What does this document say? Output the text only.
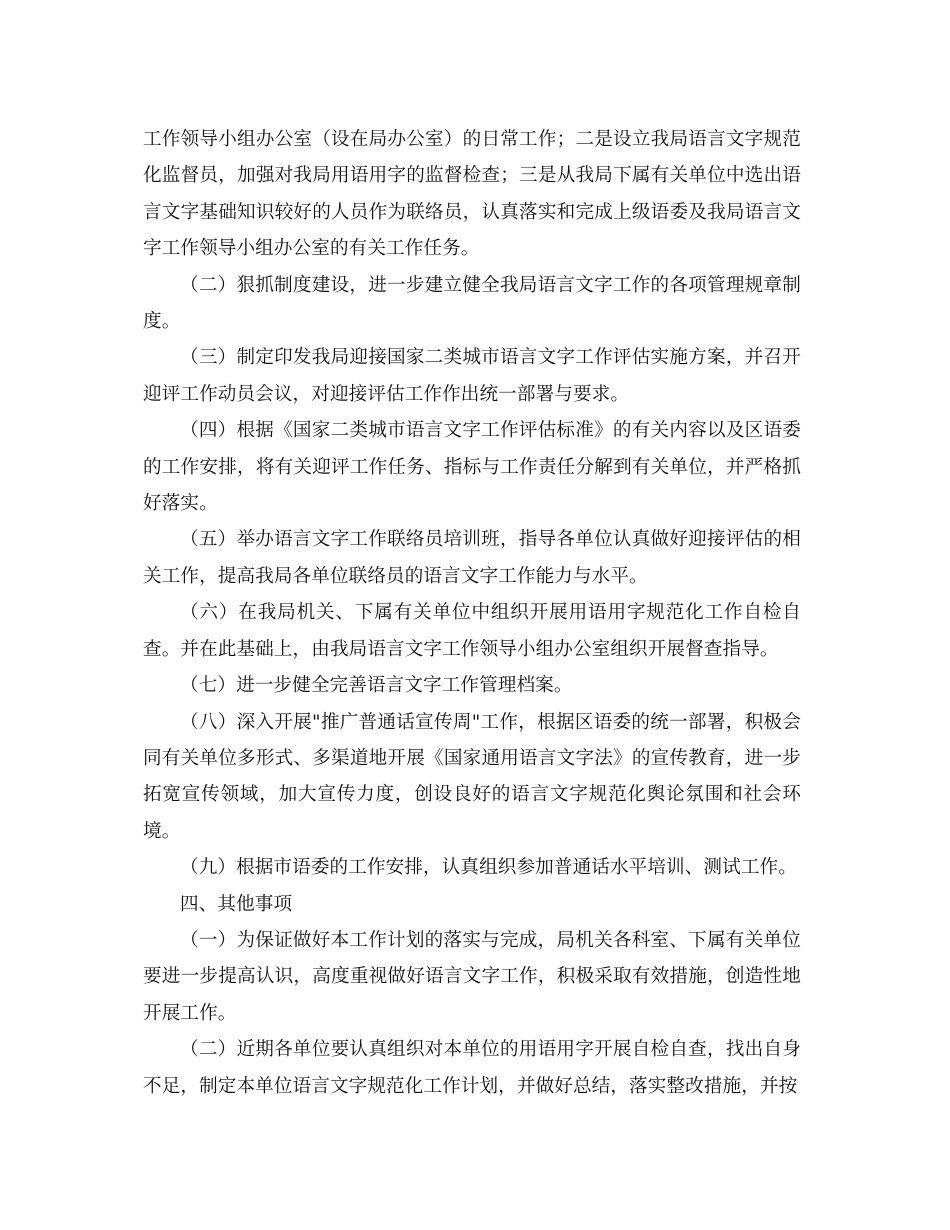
工作领导小组办公室（设在局办公室）的日常工作；二是设立我局语言文字规范化监督员，加强对我局用语用字的监督检查；三是从我局下属有关单位中选出语言文字基础知识较好的人员作为联络员，认真落实和完成上级语委及我局语言文字工作领导小组办公室的有关工作任务。

（二）狠抓制度建设，进一步建立健全我局语言文字工作的各项管理规章制度。

（三）制定印发我局迎接国家二类城市语言文字工作评估实施方案，并召开迎评工作动员会议，对迎接评估工作作出统一部署与要求。

（四）根据《国家二类城市语言文字工作评估标准》的有关内容以及区语委的工作安排，将有关迎评工作任务、指标与工作责任分解到有关单位，并严格抓好落实。

（五）举办语言文字工作联络员培训班，指导各单位认真做好迎接评估的相关工作，提高我局各单位联络员的语言文字工作能力与水平。

（六）在我局机关、下属有关单位中组织开展用语用字规范化工作自检自查。并在此基础上，由我局语言文字工作领导小组办公室组织开展督查指导。

（七）进一步健全完善语言文字工作管理档案。

（八）深入开展"推广普通话宣传周"工作，根据区语委的统一部署，积极会同有关单位多形式、多渠道地开展《国家通用语言文字法》的宣传教育，进一步拓宽宣传领域，加大宣传力度，创设良好的语言文字规范化舆论氛围和社会环境。

（九）根据市语委的工作安排，认真组织参加普通话水平培训、测试工作。

四、其他事项

（一）为保证做好本工作计划的落实与完成，局机关各科室、下属有关单位要进一步提高认识，高度重视做好语言文字工作，积极采取有效措施，创造性地开展工作。

（二）近期各单位要认真组织对本单位的用语用字开展自检自查，找出自身不足，制定本单位语言文字规范化工作计划，并做好总结，落实整改措施，并按
